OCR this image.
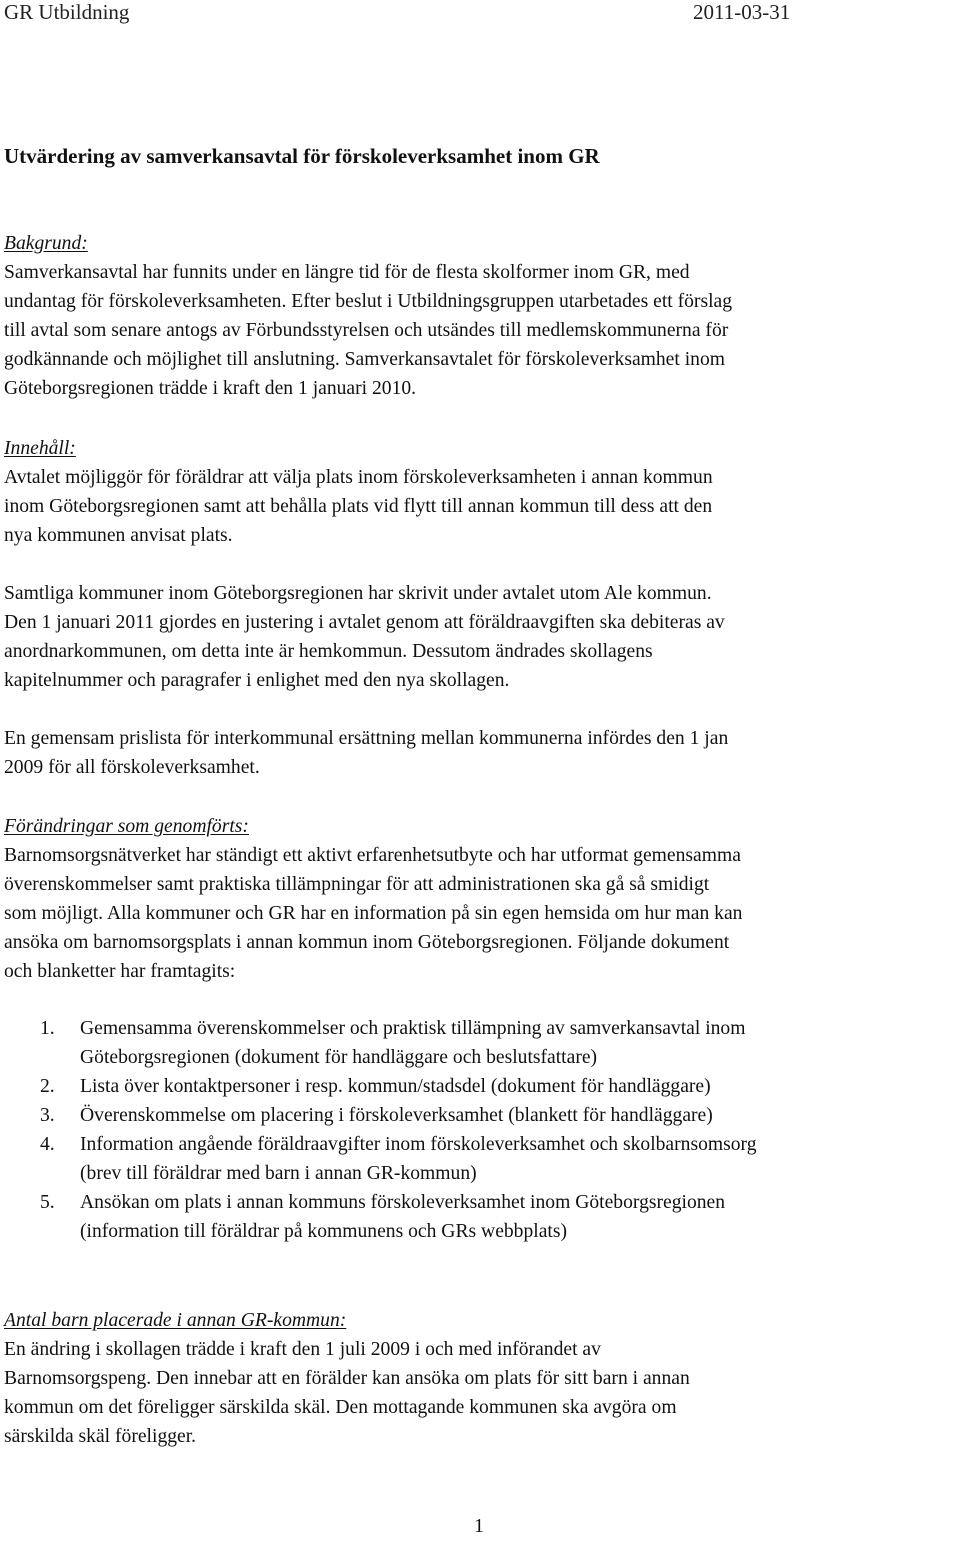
GR Utbildning	2011-03-31
Utvärdering av samverkansavtal för förskoleverksamhet inom GR
Bakgrund:
Samverkansavtal har funnits under en längre tid för de flesta skolformer inom GR, med
undantag för förskoleverksamheten. Efter beslut i Utbildningsgruppen utarbetades ett förslag
till avtal som senare antogs av Förbundsstyrelsen och utsändes till medlemskommunerna för
godkännande och möjlighet till anslutning. Samverkansavtalet för förskoleverksamhet inom
Göteborgsregionen trädde i kraft den 1 januari 2010.
Innehåll:
Avtalet möjliggör för föräldrar att välja plats inom förskoleverksamheten i annan kommun
inom Göteborgsregionen samt att behålla plats vid flytt till annan kommun till dess att den
nya kommunen anvisat plats.
Samtliga kommuner inom Göteborgsregionen har skrivit under avtalet utom Ale kommun.
Den 1 januari 2011 gjordes en justering i avtalet genom att föräldraavgiften ska debiteras av
anordnarkommunen, om detta inte är hemkommun. Dessutom ändrades skollagens
kapitelnummer och paragrafer i enlighet med den nya skollagen.
En gemensam prislista för interkommunal ersättning mellan kommunerna infördes den 1 jan
2009 för all förskoleverksamhet.
Förändringar som genomförts:
Barnomsorgsnätverket har ständigt ett aktivt erfarenhetsutbyte och har utformat gemensamma
överenskommelser samt praktiska tillämpningar för att administrationen ska gå så smidigt
som möjligt. Alla kommuner och GR har en information på sin egen hemsida om hur man kan
ansöka om barnomsorgsplats i annan kommun inom Göteborgsregionen. Följande dokument
och blanketter har framtagits:
1. Gemensamma överenskommelser och praktisk tillämpning av samverkansavtal inom
Göteborgsregionen (dokument för handläggare och beslutsfattare)
2. Lista över kontaktpersoner i resp. kommun/stadsdel (dokument för handläggare)
3. Överenskommelse om placering i förskoleverksamhet (blankett för handläggare)
4. Information angående föräldraavgifter inom förskoleverksamhet och skolbarnsomsorg
(brev till föräldrar med barn i annan GR-kommun)
5. Ansökan om plats i annan kommuns förskoleverksamhet inom Göteborgsregionen
(information till föräldrar på kommunens och GRs webbplats)
Antal barn placerade i annan GR-kommun:
En ändring i skollagen trädde i kraft den 1 juli 2009 i och med införandet av
Barnomsorgspeng. Den innebar att en förälder kan ansöka om plats för sitt barn i annan
kommun om det föreligger särskilda skäl. Den mottagande kommunen ska avgöra om
särskilda skäl föreligger.
1
